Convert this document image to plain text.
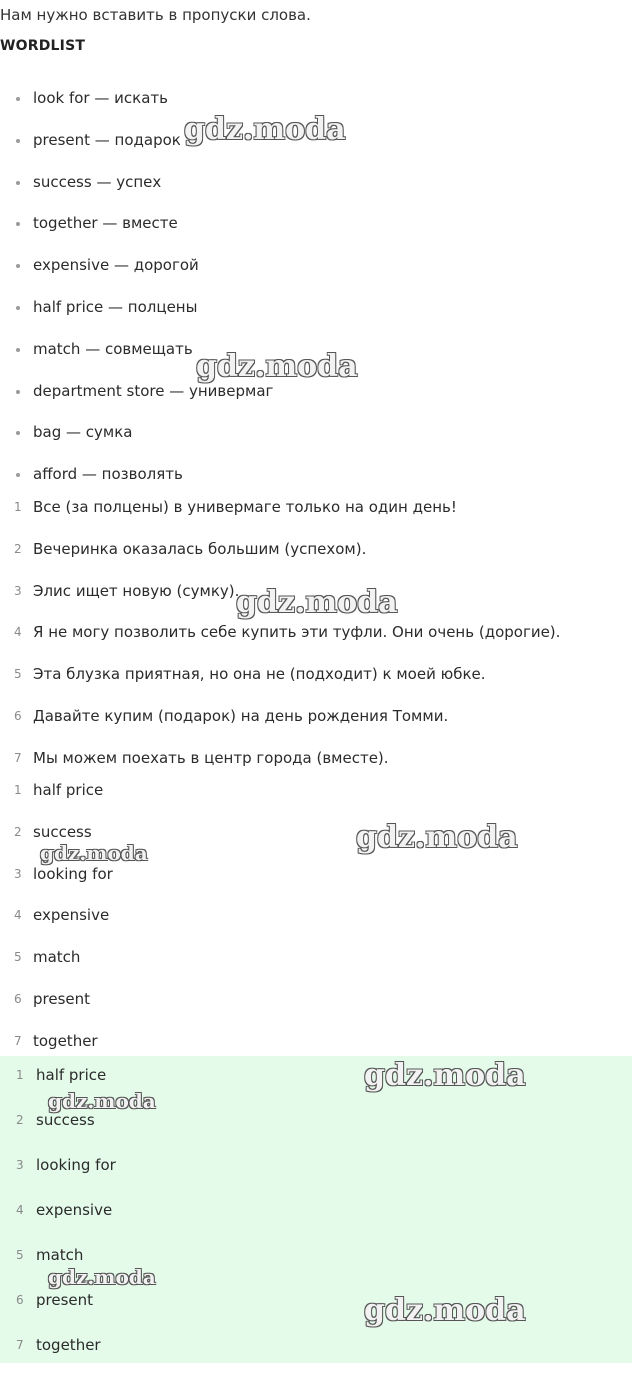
Нам нужно вставить в пропуски слова.
WORDLIST
look for — искать
present — подарок
success — успех
together — вместе
expensive — дорогой
half price — полцены
match — совмещать
department store — универмаг
bag — сумка
afford — позволять
1 Все (за полцены) в универмаге только на один день!
2 Вечеринка оказалась большим (успехом).
3 Элис ищет новую (сумку).
4 Я не могу позволить себе купить эти туфли. Они очень (дорогие).
5 Эта блузка приятная, но она не (подходит) к моей юбке.
6 Давайте купим (подарок) на день рождения Томми.
7 Мы можем поехать в центр города (вместе).
1 half price
2 success
3 looking for
4 expensive
5 match
6 present
7 together
1 half price
2 success
3 looking for
4 expensive
5 match
6 present
7 together
gdz.moda
gdz.moda
gdz.moda
gdz.moda
gdz.moda
gdz.moda
gdz.moda
gdz.moda
gdz.moda
